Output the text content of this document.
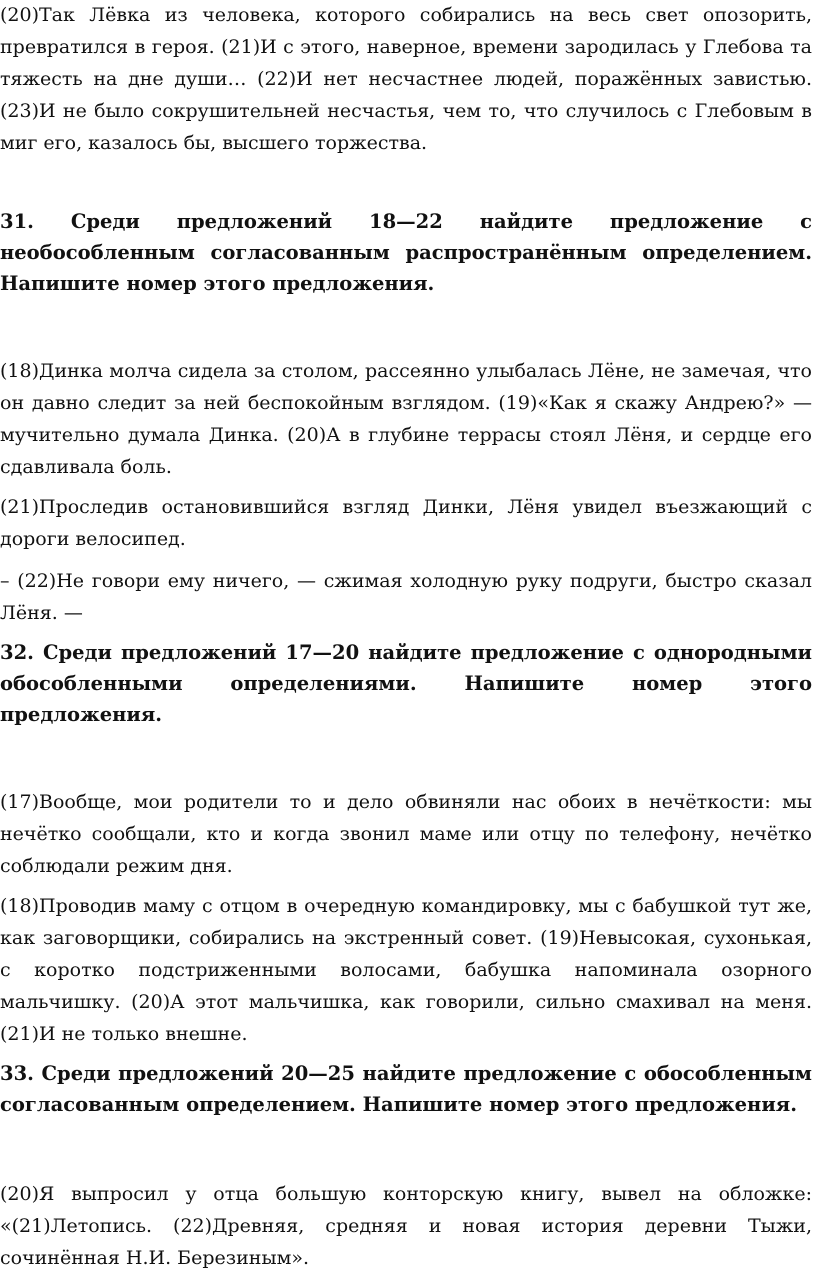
(20)Так Лёвка из человека, которого собирались на весь свет опозорить, превратился в героя. (21)И с этого, наверное, времени зародилась у Глебова та тяжесть на дне души… (22)И нет несчастнее людей, поражённых завистью. (23)И не было сокрушительней несчастья, чем то, что случилось с Глебовым в миг его, казалось бы, высшего торжества.

31. Среди предложений 18—22 найдите предложение с необособленным согласованным распространённым определением. Напишите номер этого предложения.

(18)Динка молча сидела за столом, рассеянно улыбалась Лёне, не замечая, что он давно следит за ней беспокойным взглядом. (19)«Как я скажу Андрею?» — мучительно думала Динка. (20)А в глубине террасы стоял Лёня, и сердце его сдавливала боль.

(21)Проследив остановившийся взгляд Динки, Лёня увидел въезжающий с дороги велосипед.

– (22)Не говори ему ничего, — сжимая холодную руку подруги, быстро сказал Лёня. —

32. Среди предложений 17—20 найдите предложение с однородными обособленными определениями. Напишите номер этого предложения.

(17)Вообще, мои родители то и дело обвиняли нас обоих в нечёткости: мы нечётко сообщали, кто и когда звонил маме или отцу по телефону, нечётко соблюдали режим дня.

(18)Проводив маму с отцом в очередную командировку, мы с бабушкой тут же, как заговорщики, собирались на экстренный совет. (19)Невысокая, сухонькая, с коротко подстриженными волосами, бабушка напоминала озорного мальчишку. (20)А этот мальчишка, как говорили, сильно смахивал на меня. (21)И не только внешне.

33. Среди предложений 20—25 найдите предложение с обособленным согласованным определением. Напишите номер этого предложения.

(20)Я выпросил у отца большую конторскую книгу, вывел на обложке: «(21)Летопись. (22)Древняя, средняя и новая история деревни Тыжи, сочинённая Н.И. Березиным».
